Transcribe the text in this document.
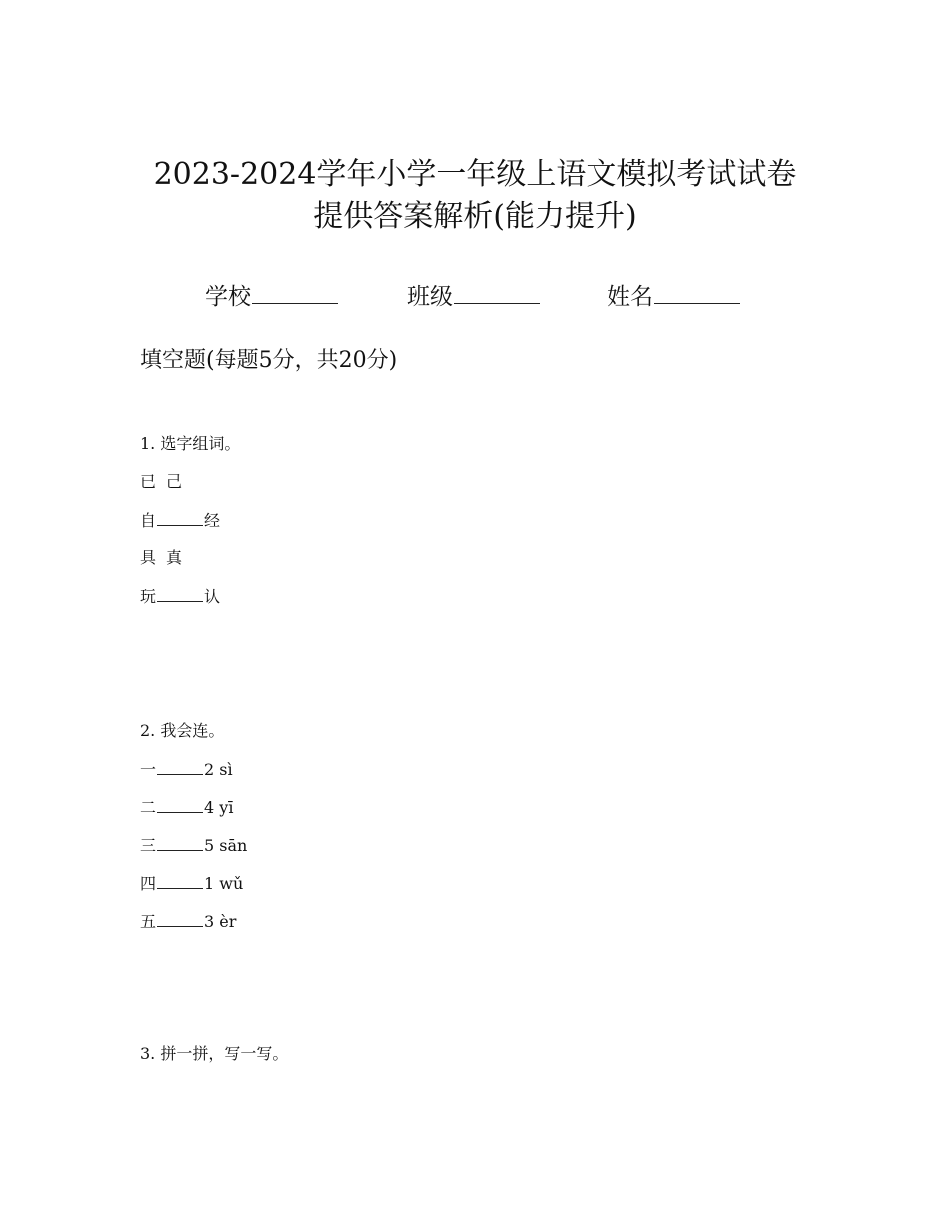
2023-2024学年小学一年级上语文模拟考试试卷
提供答案解析(能力提升)
学校	班级	姓名
填空题(每题5分，共20分)
1. 选字组词。
已 己
自	经
具 真
玩	认
2. 我会连。
一	2 sì
二	4 yī
三	5 sān
四	1 wǔ
五	3 èr
3. 拼一拼，写一写。
